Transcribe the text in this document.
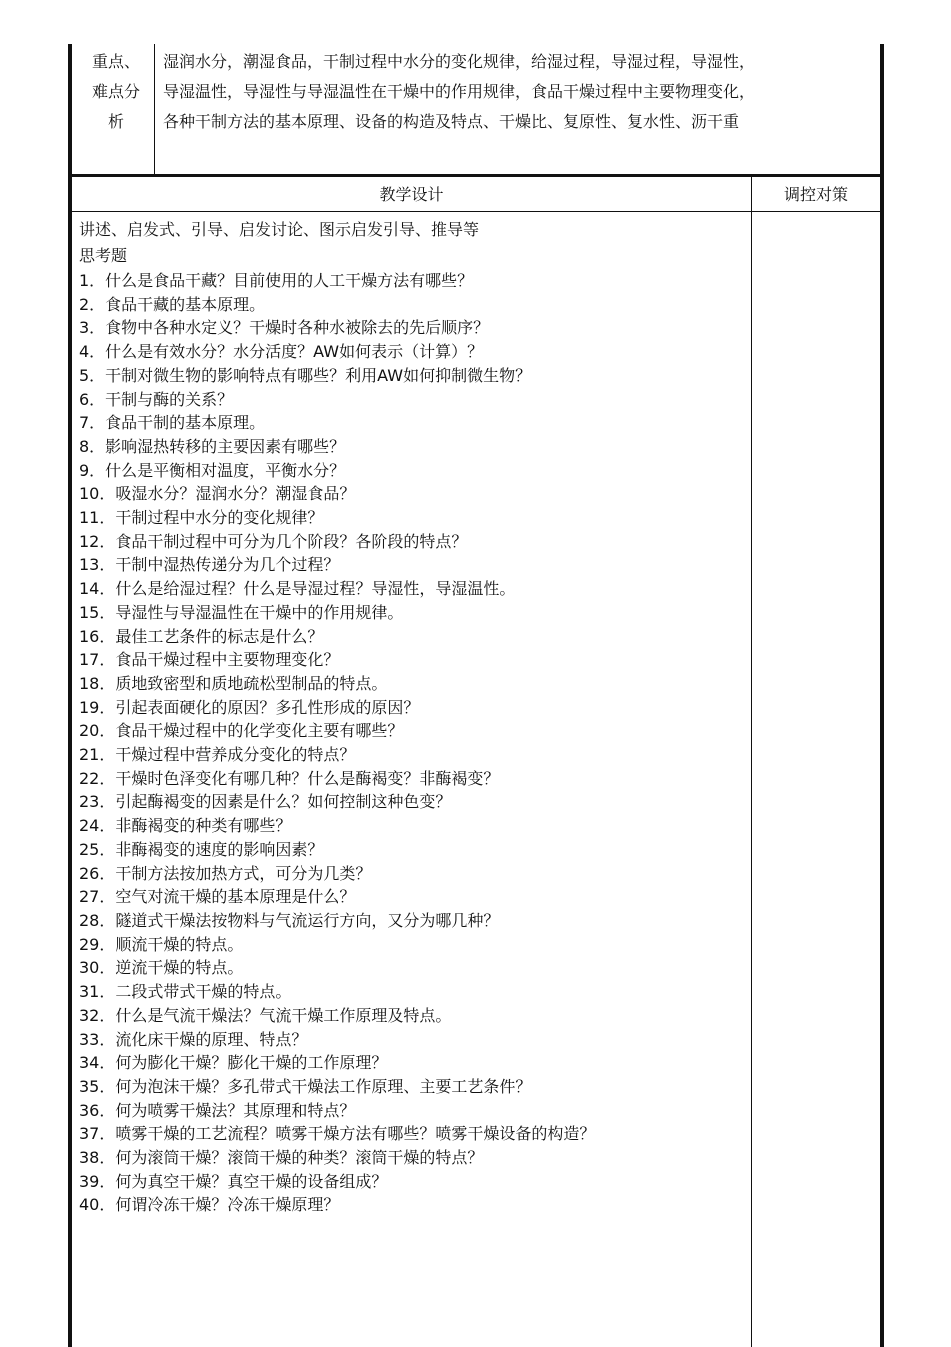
重点、
难点分
析
湿润水分，潮湿食品，干制过程中水分的变化规律，给湿过程，导湿过程，导湿性，
导湿温性，导湿性与导湿温性在干燥中的作用规律，食品干燥过程中主要物理变化，
各种干制方法的基本原理、设备的构造及特点、干燥比、复原性、复水性、沥干重
教学设计	调控对策
讲述、启发式、引导、启发讨论、图示启发引导、推导等
思考题
1．什么是食品干藏？目前使用的人工干燥方法有哪些？
2．食品干藏的基本原理。
3．食物中各种水定义？干燥时各种水被除去的先后顺序？
4．什么是有效水分？水分活度？AW如何表示（计算）？
5．干制对微生物的影响特点有哪些？利用AW如何抑制微生物？
6．干制与酶的关系？
7．食品干制的基本原理。
8．影响湿热转移的主要因素有哪些？
9．什么是平衡相对温度，平衡水分？
10．吸湿水分？湿润水分？潮湿食品？
11．干制过程中水分的变化规律？
12．食品干制过程中可分为几个阶段？各阶段的特点？
13．干制中湿热传递分为几个过程？
14．什么是给湿过程？什么是导湿过程？导湿性，导湿温性。
15．导湿性与导湿温性在干燥中的作用规律。
16．最佳工艺条件的标志是什么？
17．食品干燥过程中主要物理变化？
18．质地致密型和质地疏松型制品的特点。
19．引起表面硬化的原因？多孔性形成的原因？
20．食品干燥过程中的化学变化主要有哪些？
21．干燥过程中营养成分变化的特点？
22．干燥时色泽变化有哪几种？什么是酶褐变？非酶褐变？
23．引起酶褐变的因素是什么？如何控制这种色变？
24．非酶褐变的种类有哪些？
25．非酶褐变的速度的影响因素？
26．干制方法按加热方式，可分为几类？
27．空气对流干燥的基本原理是什么？
28．隧道式干燥法按物料与气流运行方向，又分为哪几种？
29．顺流干燥的特点。
30．逆流干燥的特点。
31．二段式带式干燥的特点。
32．什么是气流干燥法？气流干燥工作原理及特点。
33．流化床干燥的原理、特点？
34．何为膨化干燥？膨化干燥的工作原理？
35．何为泡沫干燥？多孔带式干燥法工作原理、主要工艺条件？
36．何为喷雾干燥法？其原理和特点？
37．喷雾干燥的工艺流程？喷雾干燥方法有哪些？喷雾干燥设备的构造？
38．何为滚筒干燥？滚筒干燥的种类？滚筒干燥的特点？
39．何为真空干燥？真空干燥的设备组成？
40．何谓冷冻干燥？冷冻干燥原理？
